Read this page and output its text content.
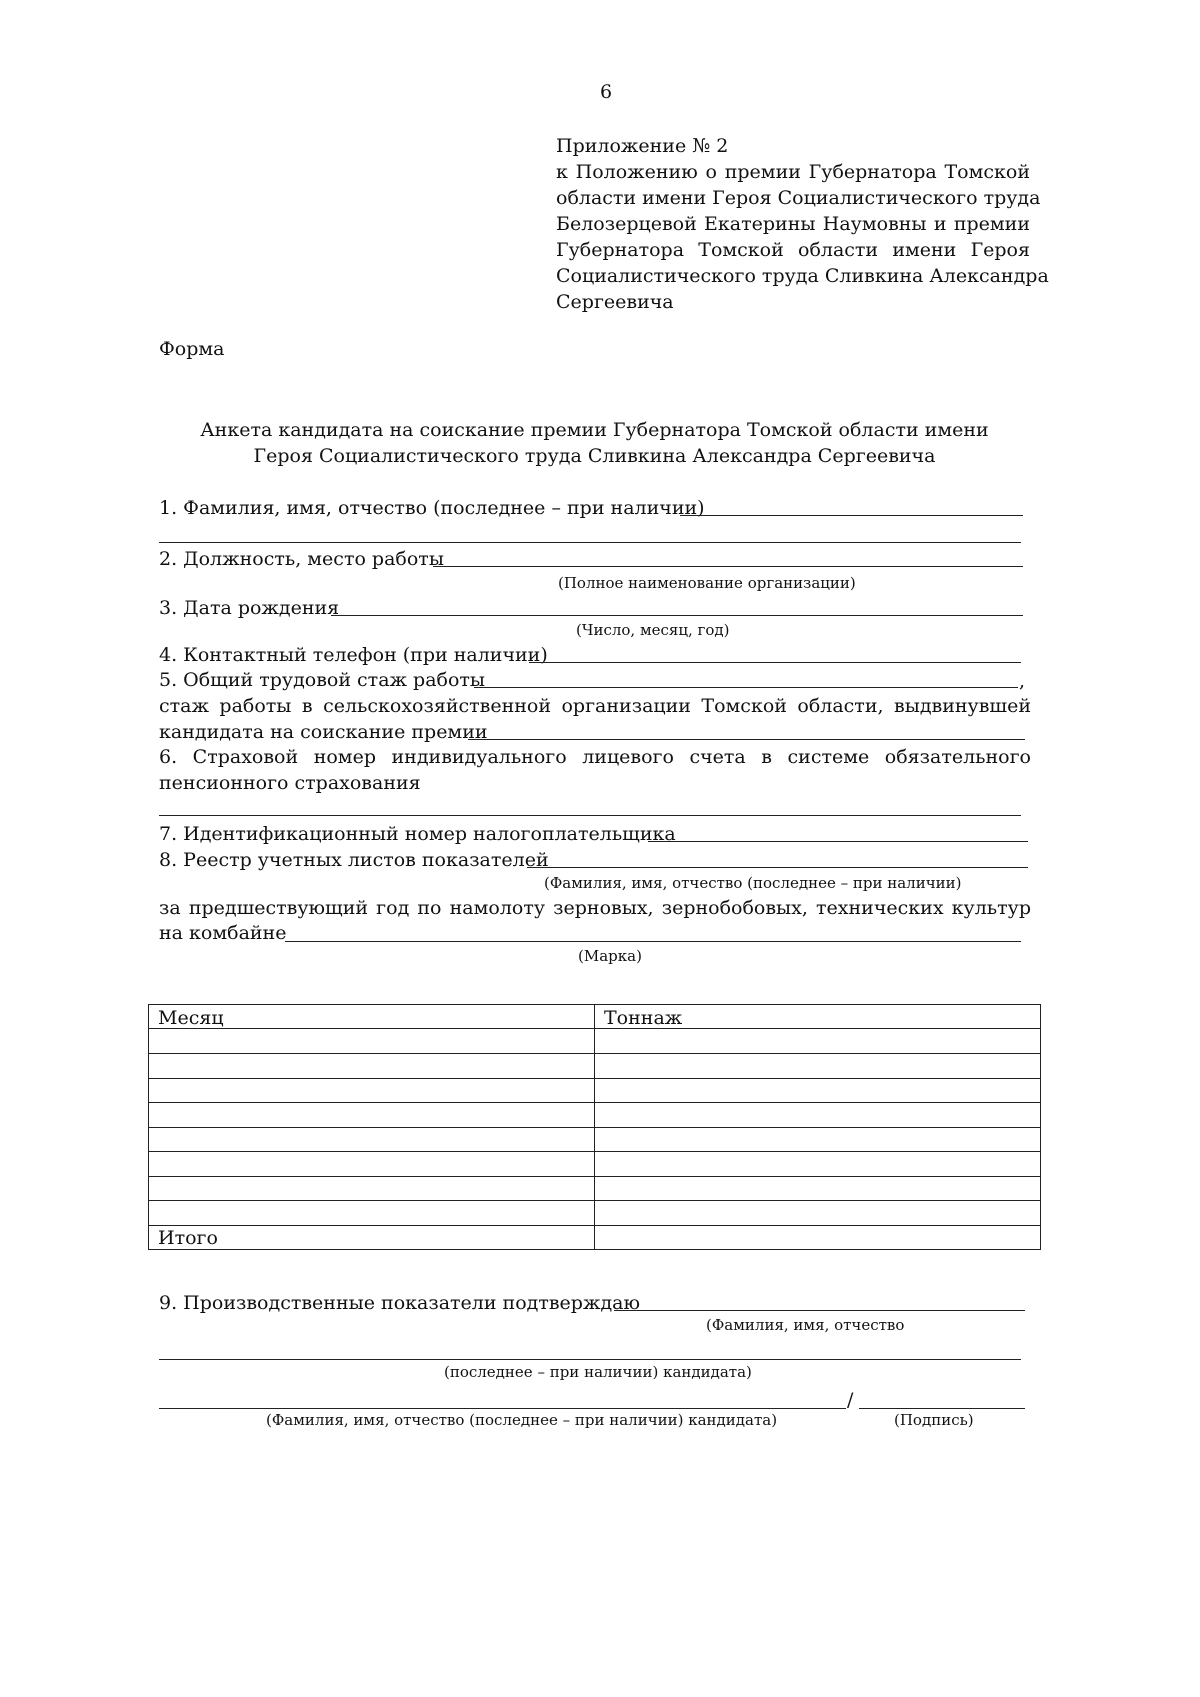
6
Приложение № 2
к Положению о премии Губернатора Томской
области имени Героя Социалистического труда
Белозерцевой Екатерины Наумовны и премии
Губернатора Томской области имени Героя
Социалистического труда Сливкина Александра
Сергеевича
Форма
Анкета кандидата на соискание премии Губернатора Томской области имени
Героя Социалистического труда Сливкина Александра Сергеевича
1. Фамилия, имя, отчество (последнее – при наличии)
2. Должность, место работы
(Полное наименование организации)
3. Дата рождения
(Число, месяц, год)
4. Контактный телефон (при наличии)
5. Общий трудовой стаж работы	,
стаж работы в сельскохозяйственной организации Томской области, выдвинувшей
кандидата на соискание премии
6. Страховой номер индивидуального лицевого счета в системе обязательного
пенсионного страхования
7. Идентификационный номер налогоплательщика
8. Реестр учетных листов показателей
(Фамилия, имя, отчество (последнее – при наличии)
за предшествующий год по намолоту зерновых, зернобобовых, технических культур
на комбайне
(Марка)
Месяц	Тоннаж
Итого
9. Производственные показатели подтверждаю
(Фамилия, имя, отчество
(последнее – при наличии) кандидата)
/
(Фамилия, имя, отчество (последнее – при наличии) кандидата)	(Подпись)
